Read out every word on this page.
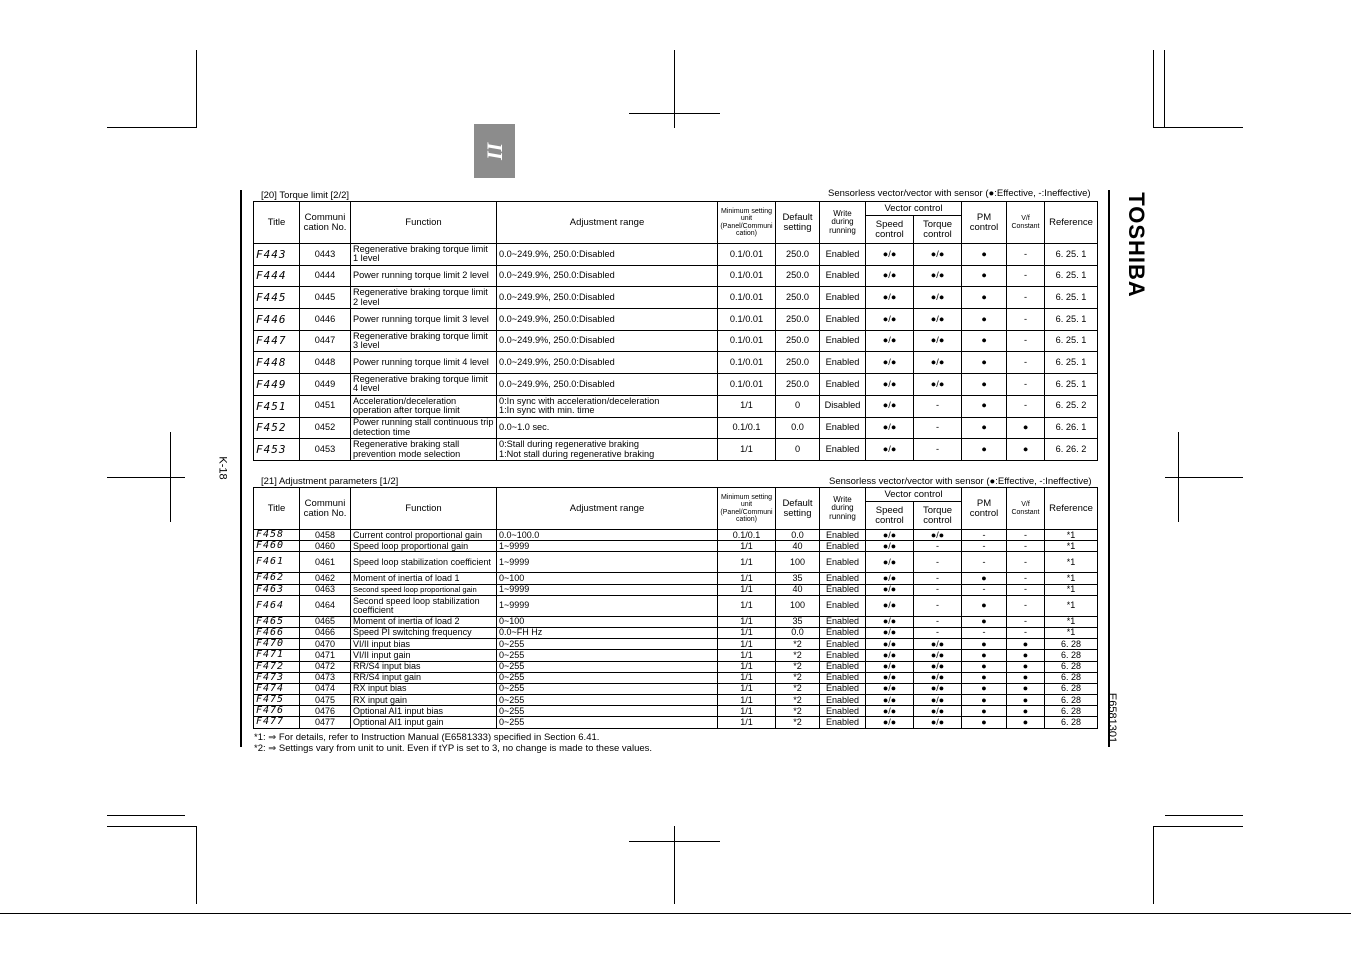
II
K-18
TOSHIBA
E6581301
[20] Torque limit [2/2]	Sensorless vector/vector with sensor (●:Effective, -:Ineffective)
Title	Communi cation No.	Function	Adjustment range	Minimum setting unit (Panel/Communi cation)	Default setting	Write during running	Vector control		PM control	V/f Constant	Reference
							Speed control	Torque control			
F443	0443	Regenerative braking torque limit 1 level	0.0~249.9%, 250.0:Disabled	0.1/0.01	250.0	Enabled	●/●	●/●	●	-	6. 25. 1
F444	0444	Power running torque limit 2 level	0.0~249.9%, 250.0:Disabled	0.1/0.01	250.0	Enabled	●/●	●/●	●	-	6. 25. 1
F445	0445	Regenerative braking torque limit 2 level	0.0~249.9%, 250.0:Disabled	0.1/0.01	250.0	Enabled	●/●	●/●	●	-	6. 25. 1
F446	0446	Power running torque limit 3 level	0.0~249.9%, 250.0:Disabled	0.1/0.01	250.0	Enabled	●/●	●/●	●	-	6. 25. 1
F447	0447	Regenerative braking torque limit 3 level	0.0~249.9%, 250.0:Disabled	0.1/0.01	250.0	Enabled	●/●	●/●	●	-	6. 25. 1
F448	0448	Power running torque limit 4 level	0.0~249.9%, 250.0:Disabled	0.1/0.01	250.0	Enabled	●/●	●/●	●	-	6. 25. 1
F449	0449	Regenerative braking torque limit 4 level	0.0~249.9%, 250.0:Disabled	0.1/0.01	250.0	Enabled	●/●	●/●	●	-	6. 25. 1
F451	0451	Acceleration/deceleration operation after torque limit	0:In sync with acceleration/deceleration
1:In sync with min. time	1/1	0	Disabled	●/●	-	●	-	6. 25. 2
F452	0452	Power running stall continuous trip detection time	0.0~1.0 sec.	0.1/0.1	0.0	Enabled	●/●	-	●	●	6. 26. 1
F453	0453	Regenerative braking stall prevention mode selection	0:Stall during regenerative braking
1:Not stall during regenerative braking	1/1	0	Enabled	●/●	-	●	●	6. 26. 2
[21] Adjustment parameters [1/2]	Sensorless vector/vector with sensor (●:Effective, -:Ineffective)
Title	Communi cation No.	Function	Adjustment range	Minimum setting unit (Panel/Communi cation)	Default setting	Write during running	Vector control		PM control	V/f Constant	Reference
							Speed control	Torque control			
F458	0458	Current control proportional gain	0.0~100.0	0.1/0.1	0.0	Enabled	●/●	●/●	-	-	*1
F460	0460	Speed loop proportional gain	1~9999	1/1	40	Enabled	●/●	-	-	-	*1
F461	0461	Speed loop stabilization coefficient	1~9999	1/1	100	Enabled	●/●	-	-	-	*1
F462	0462	Moment of inertia of load 1	0~100	1/1	35	Enabled	●/●	-	●	-	*1
F463	0463	Second speed loop proportional gain	1~9999	1/1	40	Enabled	●/●	-	-	-	*1
F464	0464	Second speed loop stabilization coefficient	1~9999	1/1	100	Enabled	●/●	-	●	-	*1
F465	0465	Moment of inertia of load 2	0~100	1/1	35	Enabled	●/●	-	●	-	*1
F466	0466	Speed PI switching frequency	0.0~FH Hz	1/1	0.0	Enabled	●/●	-	-	-	*1
F470	0470	VI/II input bias	0~255	1/1	*2	Enabled	●/●	●/●	●	●	6. 28
F471	0471	VI/II input gain	0~255	1/1	*2	Enabled	●/●	●/●	●	●	6. 28
F472	0472	RR/S4 input bias	0~255	1/1	*2	Enabled	●/●	●/●	●	●	6. 28
F473	0473	RR/S4 input gain	0~255	1/1	*2	Enabled	●/●	●/●	●	●	6. 28
F474	0474	RX input bias	0~255	1/1	*2	Enabled	●/●	●/●	●	●	6. 28
F475	0475	RX input gain	0~255	1/1	*2	Enabled	●/●	●/●	●	●	6. 28
F476	0476	Optional AI1 input bias	0~255	1/1	*2	Enabled	●/●	●/●	●	●	6. 28
F477	0477	Optional AI1 input gain	0~255	1/1	*2	Enabled	●/●	●/●	●	●	6. 28
*1: ⇒ For details, refer to Instruction Manual (E6581333) specified in Section 6.41.
*2: ⇒ Settings vary from unit to unit. Even if tYP is set to 3, no change is made to these values.
